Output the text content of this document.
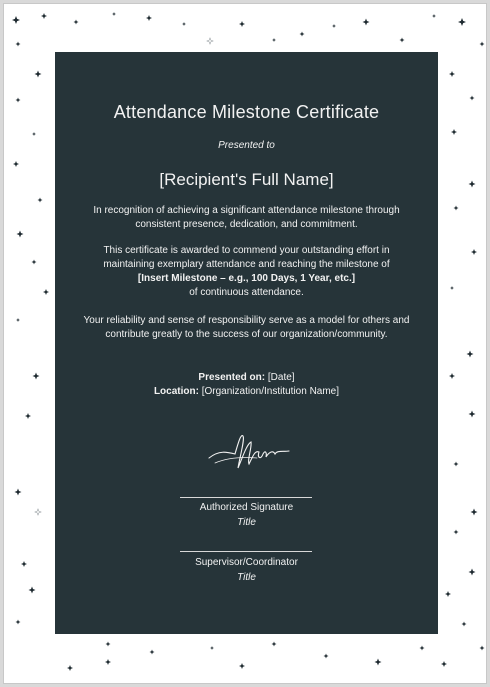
Attendance Milestone Certificate
Presented to
[Recipient's Full Name]
In recognition of achieving a significant attendance milestone through consistent presence, dedication, and commitment.
This certificate is awarded to commend your outstanding effort in maintaining exemplary attendance and reaching the milestone of
[Insert Milestone – e.g., 100 Days, 1 Year, etc.]
of continuous attendance.
Your reliability and sense of responsibility serve as a model for others and contribute greatly to the success of our organization/community.
Presented on: [Date]
Location: [Organization/Institution Name]
Authorized Signature
Title
Supervisor/Coordinator
Title
